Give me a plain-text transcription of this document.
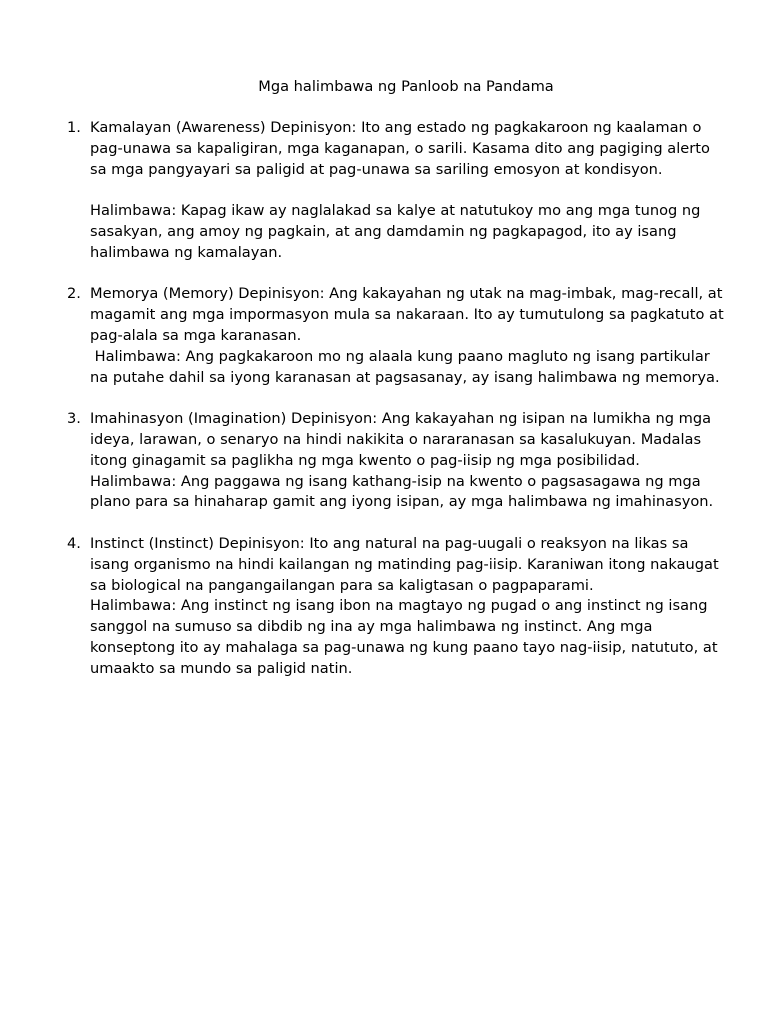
Mga halimbawa ng Panloob na Pandama
1. Kamalayan (Awareness) Depinisyon: Ito ang estado ng pagkakaroon ng kaalaman o pag-unawa sa kapaligiran, mga kaganapan, o sarili. Kasama dito ang pagiging alerto sa mga pangyayari sa paligid at pag-unawa sa sariling emosyon at kondisyon.

Halimbawa: Kapag ikaw ay naglalakad sa kalye at natutukoy mo ang mga tunog ng sasakyan, ang amoy ng pagkain, at ang damdamin ng pagkapagod, ito ay isang halimbawa ng kamalayan.

2. Memorya (Memory) Depinisyon: Ang kakayahan ng utak na mag-imbak, mag-recall, at magamit ang mga impormasyon mula sa nakaraan. Ito ay tumutulong sa pagkatuto at pag-alala sa mga karanasan.

Halimbawa: Ang pagkakaroon mo ng alaala kung paano magluto ng isang partikular na putahe dahil sa iyong karanasan at pagsasanay, ay isang halimbawa ng memorya.

3. Imahinasyon (Imagination) Depinisyon: Ang kakayahan ng isipan na lumikha ng mga ideya, larawan, o senaryo na hindi nakikita o nararanasan sa kasalukuyan. Madalas itong ginagamit sa paglikha ng mga kwento o pag-iisip ng mga posibilidad.

Halimbawa: Ang paggawa ng isang kathang-isip na kwento o pagsasagawa ng mga plano para sa hinaharap gamit ang iyong isipan, ay mga halimbawa ng imahinasyon.

4. Instinct (Instinct) Depinisyon: Ito ang natural na pag-uugali o reaksyon na likas sa isang organismo na hindi kailangan ng matinding pag-iisip. Karaniwan itong nakaugat sa biological na pangangailangan para sa kaligtasan o pagpaparami.

Halimbawa: Ang instinct ng isang ibon na magtayo ng pugad o ang instinct ng isang sanggol na sumuso sa dibdib ng ina ay mga halimbawa ng instinct. Ang mga konseptong ito ay mahalaga sa pag-unawa ng kung paano tayo nag-iisip, natututo, at umaakto sa mundo sa paligid natin.
